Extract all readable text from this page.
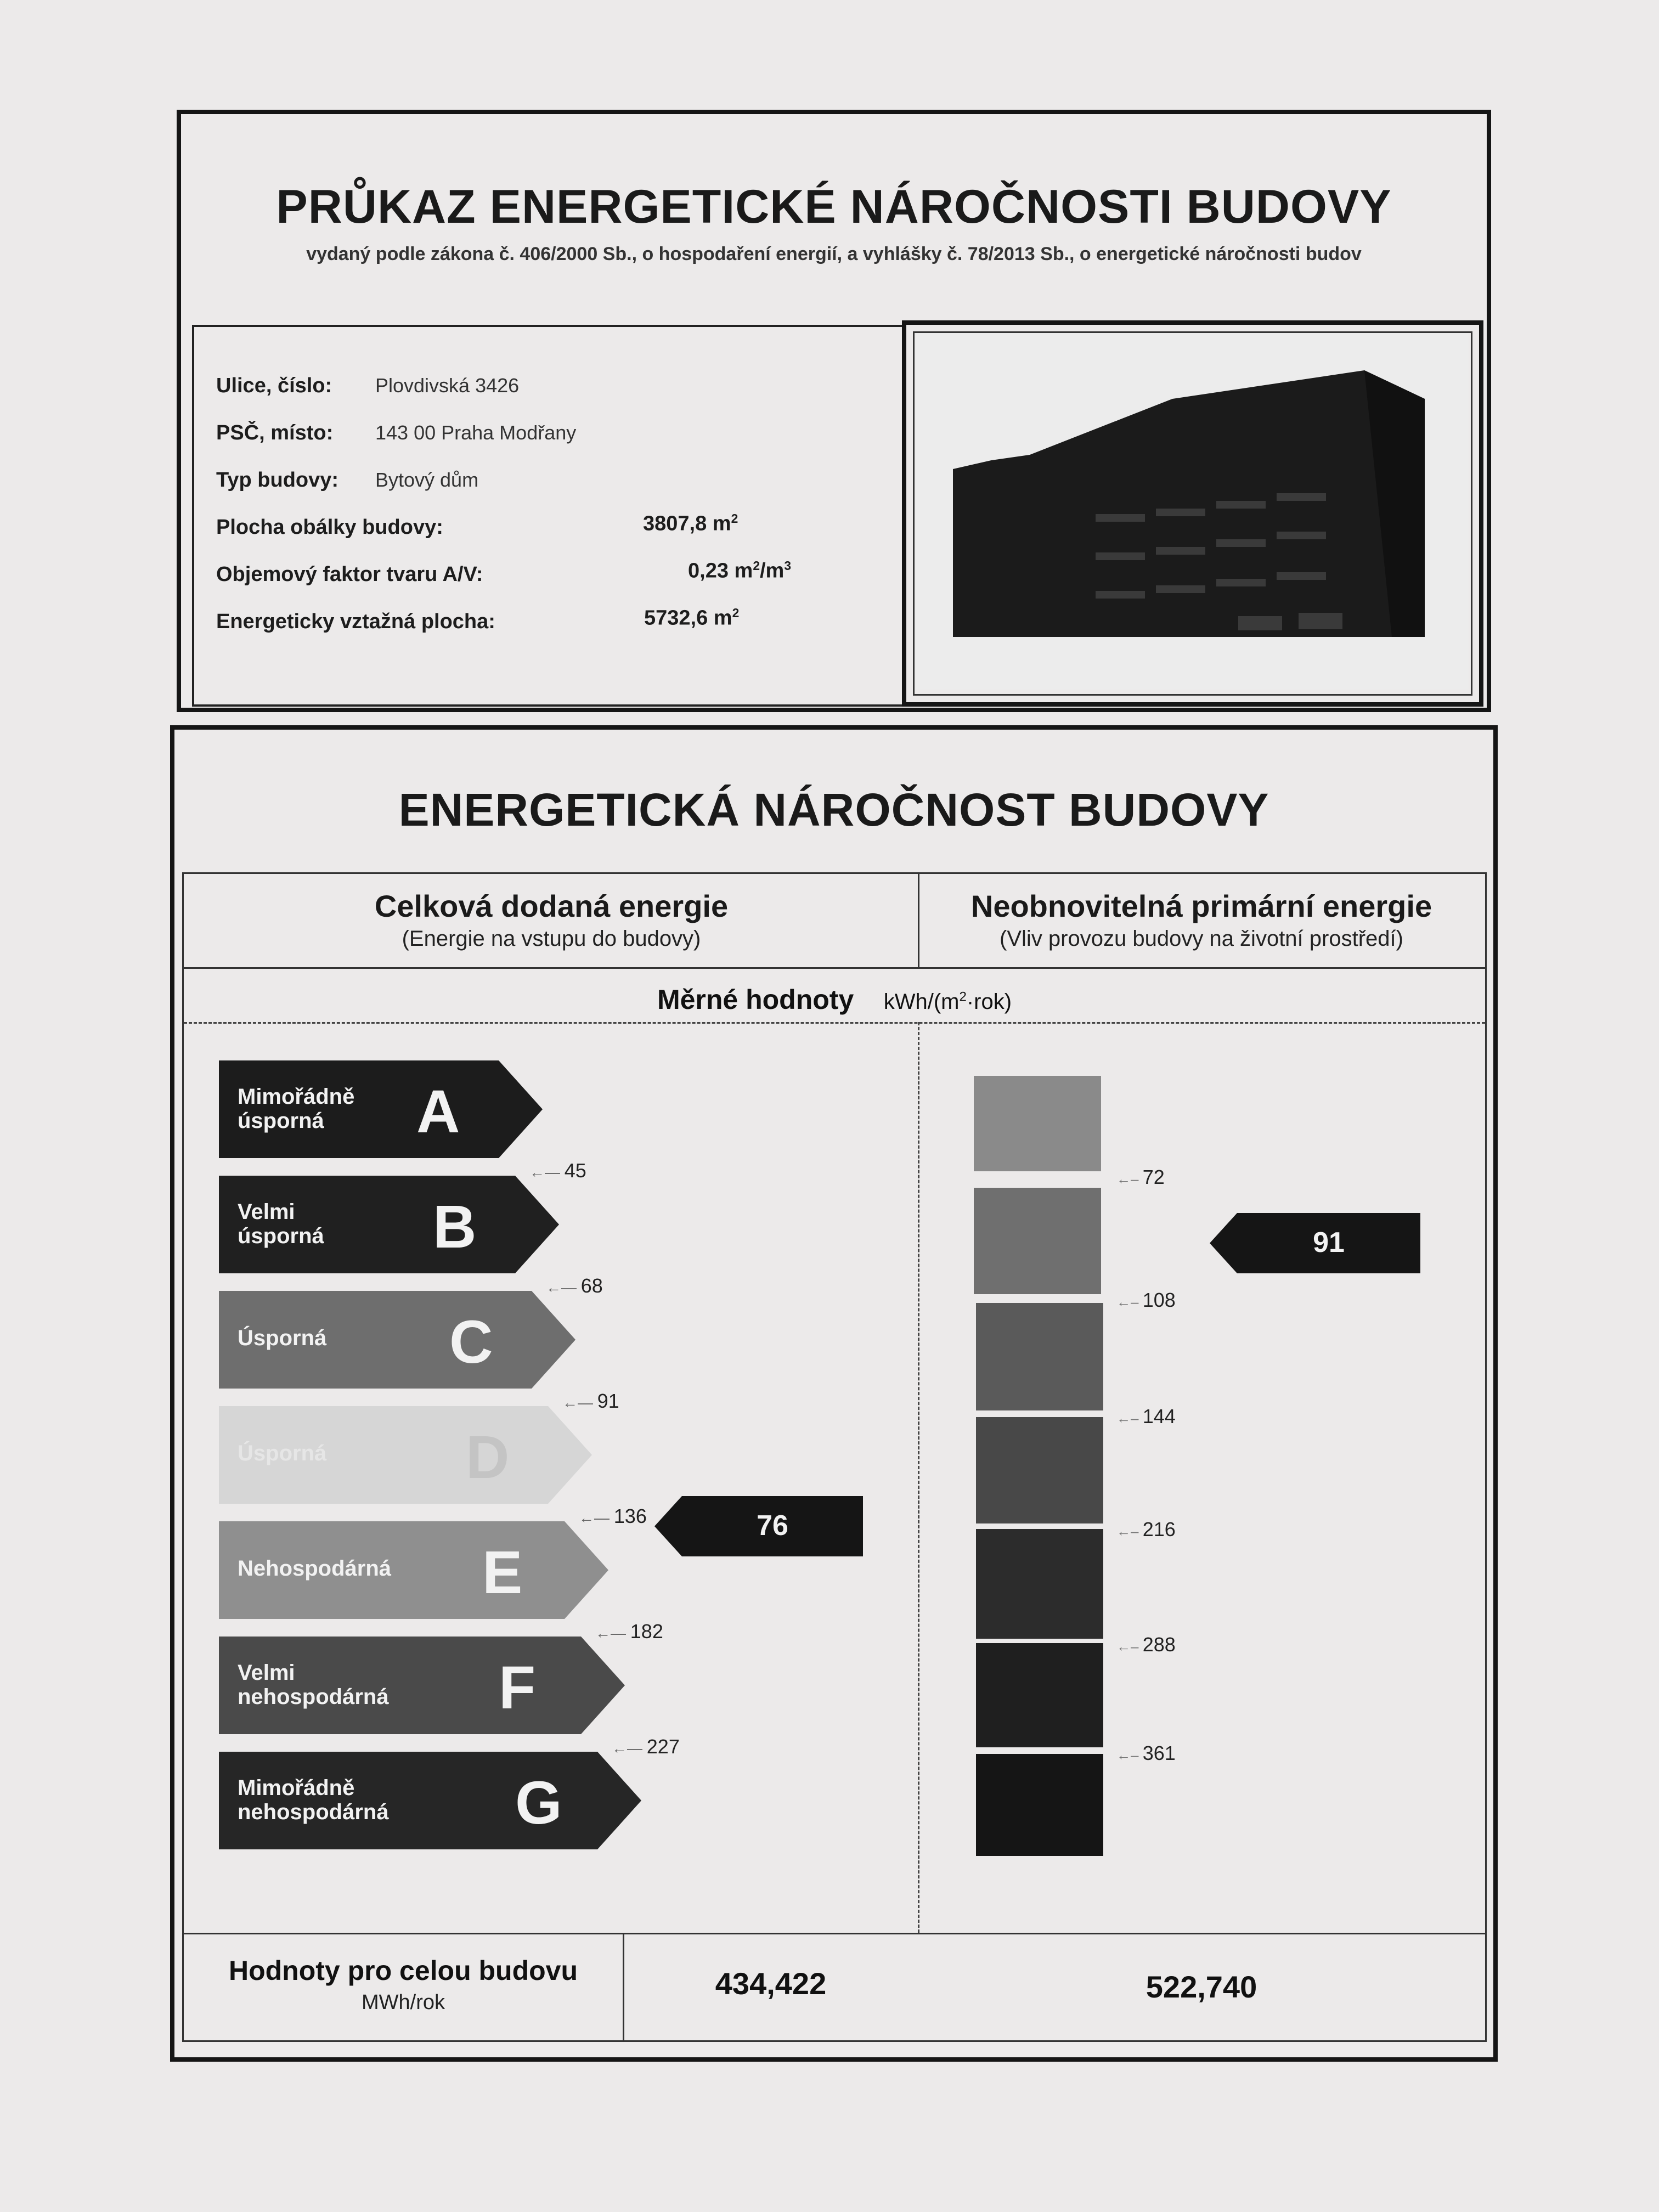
PRŮKAZ ENERGETICKÉ NÁROČNOSTI BUDOVY
vydaný podle zákona č. 406/2000 Sb., o hospodaření energií, a vyhlášky č. 78/2013 Sb., o energetické náročnosti budov
Ulice, číslo: Plovdivská 3426
PSČ, místo: 143 00 Praha Modřany
Typ budovy: Bytový dům
Plocha obálky budovy:	3807,8 $m^2$
Objemový faktor tvaru A/V:	0,23 $m^2/m^3$
Energeticky vztažná plocha:	5732,6 $m^2$
ENERGETICKÁ NÁROČNOST BUDOVY
Celková dodaná energie
(Energie na vstupu do budovy)
Neobnovitelná primární energie
(Vliv provozu budovy na životní prostředí)
Měrné hodnoty kWh/$(m^2\cdot rok)$
Mimořádně
úsporná	A
Velmi
úsporná B
Úsporná C
Úsporná D
Nehospodárná E
Velmi
nehospodárná F
Mimořádně
nehospodárná G
←— 45
←— 68
←— 91
←— 136
←— 182
←— 227
76
←– 72
←– 108
←– 144
←– 216
←– 288
←– 361
91
Hodnoty pro celou budovu
MWh/rok
434,422	522,740
